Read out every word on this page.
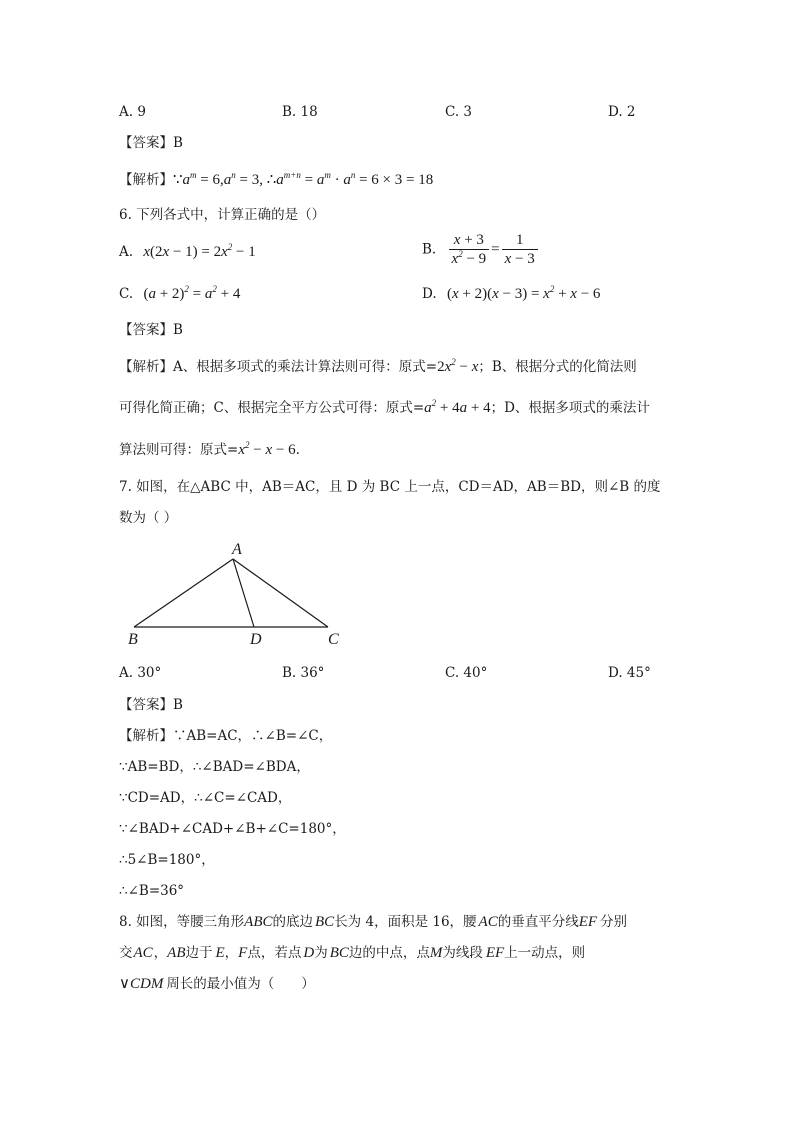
A. 9	B. 18	C. 3	D. 2
【答案】B
【解析】$\because a^m = 6,a^n = 3$, $\therefore a^{m+n} = a^m \cdot a^n = 6 \times 3 = 18$
6. 下列各式中，计算正确的是（）
A. $x(2x - 1) = 2x^2 - 1$	B. $\frac{x + 3}{x^2 - 9} = \frac{1}{x - 3}$
C. $(a + 2)^2 = a^2 + 4$	D. $(x + 2)(x - 3) = x^2 + x - 6$
【答案】B
【解析】A、根据多项式的乘法计算法则可得：原式$=2x^2 - x$；B、根据分式的化简法则
可得化简正确；C、根据完全平方公式可得：原式$=a^2 + 4a + 4$；D、根据多项式的乘法计
算法则可得：原式$=x^2 - x - 6$.
7. 如图，在△ABC 中，AB＝AC，且 D 为 BC 上一点，CD＝AD，AB＝BD，则∠B 的度
数为（ ）
A
B	D	C
A. 30°	B. 36°	C. 40°	D. 45°
【答案】B
【解析】∵AB=AC，∴∠B=∠C，
∵AB=BD，∴∠BAD=∠BDA，
∵CD=AD，∴∠C=∠CAD，
∵∠BAD+∠CAD+∠B+∠C=180°，
∴5∠B=180°，
∴∠B=36°
8. 如图，等腰三角形ABC的底边 BC长为 4，面积是 16，腰 AC的垂直平分线EF 分别
交AC，AB边于 E，F点，若点 D为 BC边的中点，点M为线段 EF上一动点，则
∨CDM 周长的最小值为（　　）
